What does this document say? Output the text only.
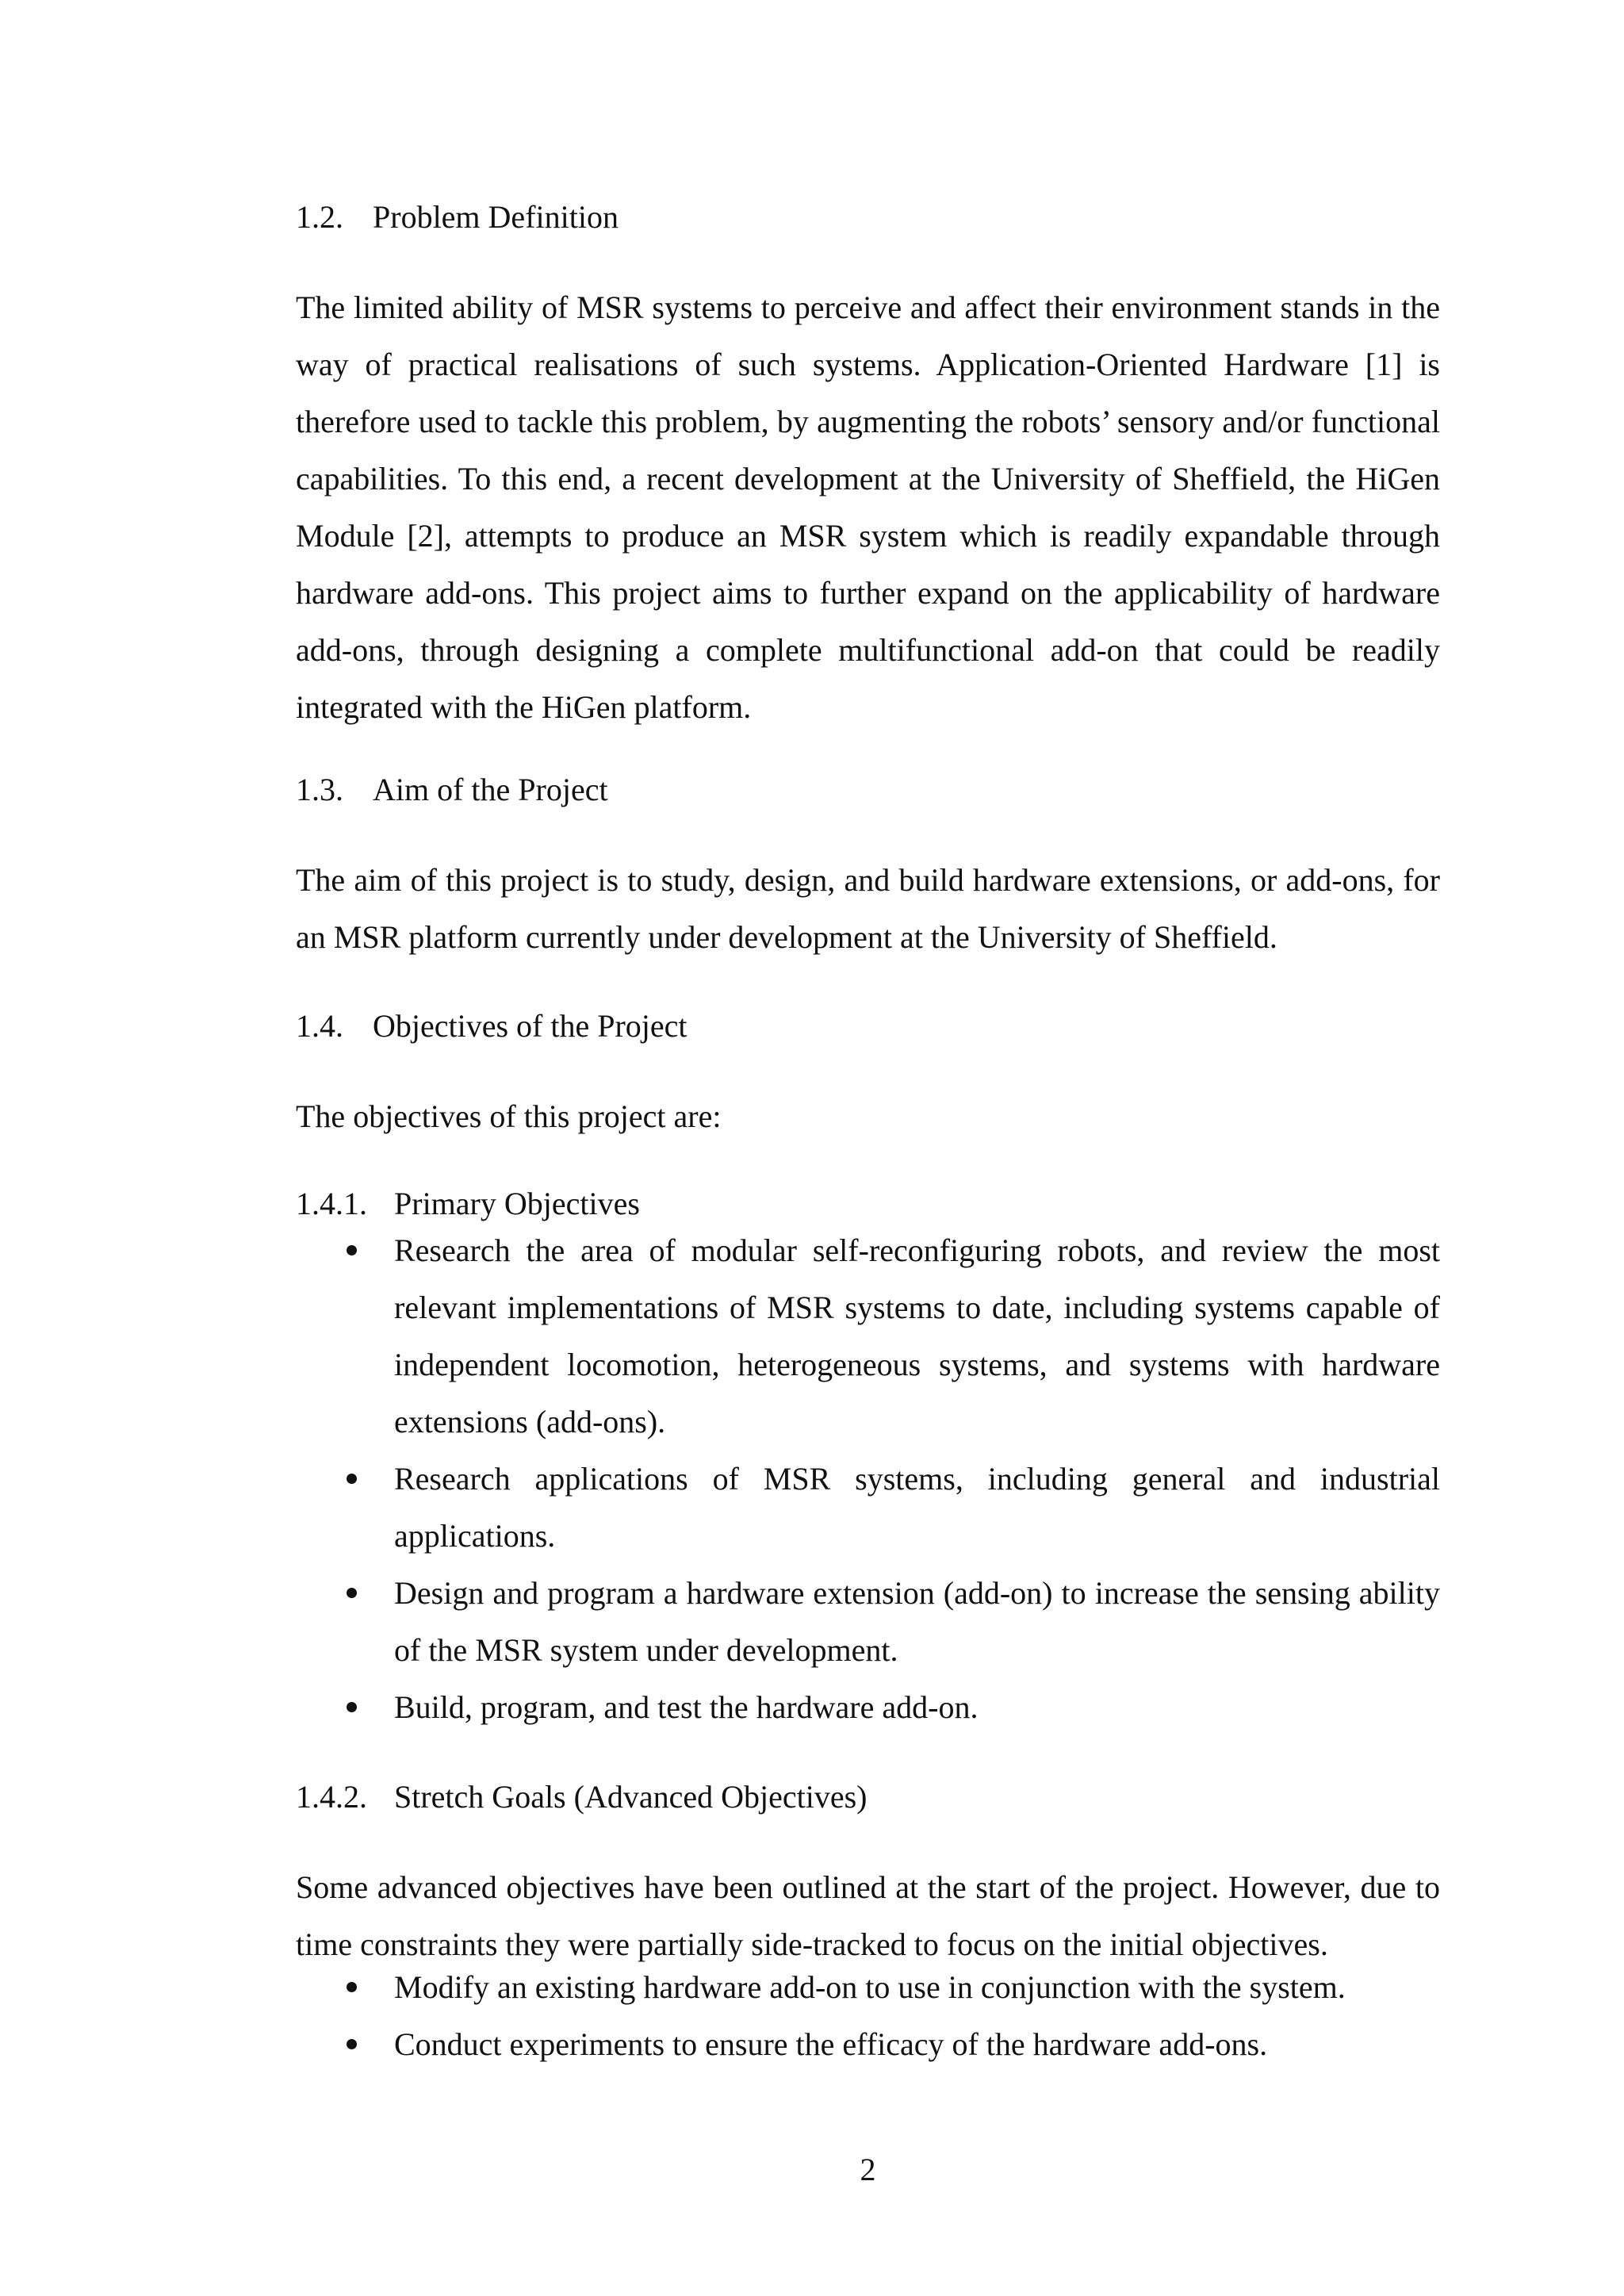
1.2. Problem Definition

The limited ability of MSR systems to perceive and affect their environment stands in the way of practical realisations of such systems. Application-Oriented Hardware [1] is therefore used to tackle this problem, by augmenting the robots’ sensory and/or functional capabilities. To this end, a recent development at the University of Sheffield, the HiGen Module [2], attempts to produce an MSR system which is readily expandable through hardware add-ons. This project aims to further expand on the applicability of hardware add-ons, through designing a complete multifunctional add-on that could be readily integrated with the HiGen platform.

1.3. Aim of the Project

The aim of this project is to study, design, and build hardware extensions, or add-ons, for an MSR platform currently under development at the University of Sheffield.

1.4. Objectives of the Project

The objectives of this project are:

1.4.1. Primary Objectives
Research the area of modular self-reconfiguring robots, and review the most relevant implementations of MSR systems to date, including systems capable of independent locomotion, heterogeneous systems, and systems with hardware extensions (add-ons).
Research applications of MSR systems, including general and industrial applications.
Design and program a hardware extension (add-on) to increase the sensing ability of the MSR system under development.
Build, program, and test the hardware add-on.
1.4.2. Stretch Goals (Advanced Objectives)

Some advanced objectives have been outlined at the start of the project. However, due to time constraints they were partially side-tracked to focus on the initial objectives.

Modify an existing hardware add-on to use in conjunction with the system.
Conduct experiments to ensure the efficacy of the hardware add-ons.
2
